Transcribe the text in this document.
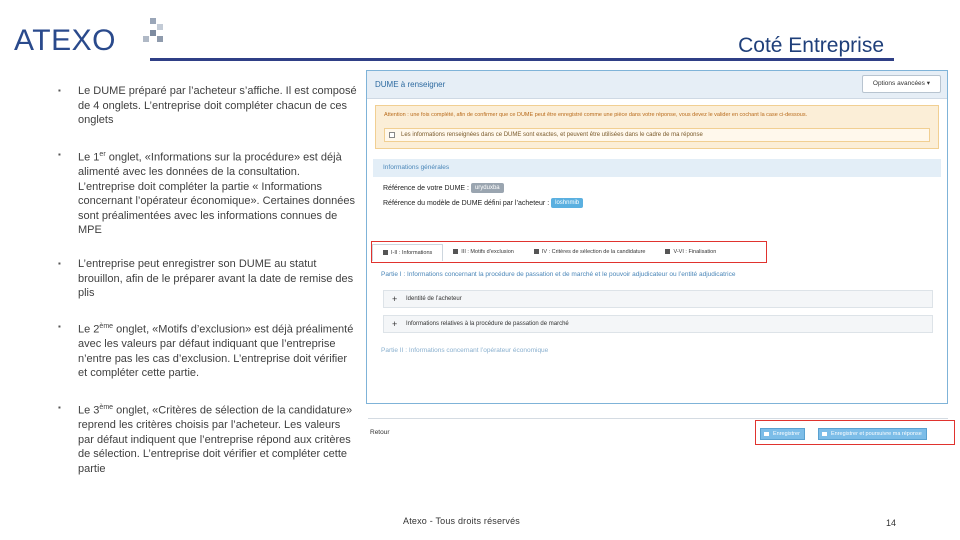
ATEXO	Coté Entreprise
▪ Le DUME préparé par l’acheteur s’affiche. Il est composé de 4 onglets. L’entreprise doit compléter chacun de ces onglets
▪ Le 1er onglet, «Informations sur la procédure» est déjà alimenté avec les données de la consultation. L’entreprise doit compléter la partie « Informations concernant l’opérateur économique». Certaines données sont préalimentées avec les informations connues de MPE
▪ L’entreprise peut enregistrer son DUME au statut brouillon, afin de le préparer avant la date de remise des plis
▪ Le 2ème onglet, «Motifs d’exclusion» est déjà préalimenté avec les valeurs par défaut indiquant que l’entreprise n’entre pas les cas d’exclusion. L’entreprise doit vérifier et compléter cette partie.
▪ Le 3ème onglet, «Critères de sélection de la candidature» reprend les critères choisis par l’acheteur. Les valeurs par défaut indiquent que l’entreprise répond aux critères de sélection. L’entreprise doit vérifier et compléter cette partie
DUME à renseigner	Options avancées ▾
Attention : une fois complété, afin de confirmer que ce DUME peut être enregistré comme une pièce dans votre réponse, vous devez le valider en cochant la case ci-dessous.
Les informations renseignées dans ce DUME sont exactes, et peuvent être utilisées dans le cadre de ma réponse
Informations générales
Référence de votre DUME : uryduxba
Référence du modèle de DUME défini par l’acheteur : loshnmib
I-II : Informations	III : Motifs d’exclusion	IV : Critères de sélection de la candidature	V-VI : Finalisation
Partie I : Informations concernant la procédure de passation et de marché et le pouvoir adjudicateur ou l’entité adjudicatrice
+ Identité de l’acheteur
+ Informations relatives à la procédure de passation de marché
Partie II : Informations concernant l’opérateur économique
Retour	Enregistrer	Enregistrer et poursuivre ma réponse
Atexo - Tous droits réservés	14
